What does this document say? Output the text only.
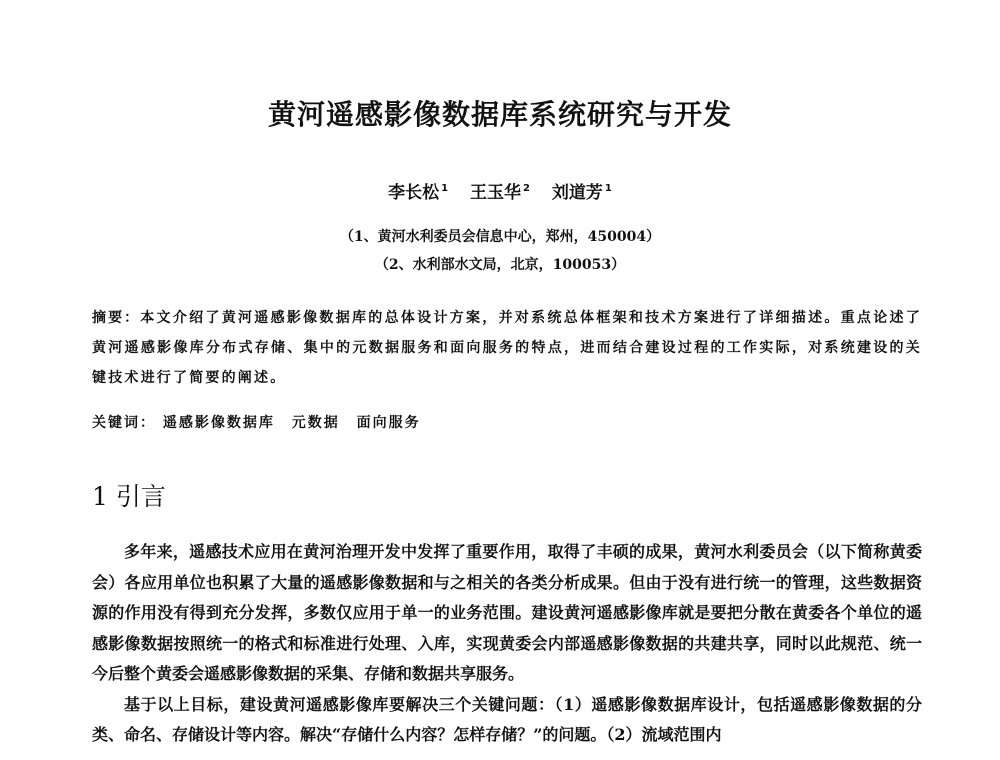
黄河遥感影像数据库系统研究与开发
李长松 $^1$ 王玉华 $^2$ 刘道芳 $^1$
（1、黄河水利委员会信息中心，郑州，450004）
（2、水利部水文局，北京，100053）
摘要：本文介绍了黄河遥感影像数据库的总体设计方案，并对系统总体框架和技术方案进行了详细描述。重点论述了黄河遥感影像库分布式存储、集中的元数据服务和面向服务的特点，进而结合建设过程的工作实际，对系统建设的关键技术进行了简要的阐述。
关键词： 遥感影像数据库 元数据 面向服务
1 引言

多年来，遥感技术应用在黄河治理开发中发挥了重要作用，取得了丰硕的成果，黄河水利委员会（以下简称黄委会）各应用单位也积累了大量的遥感影像数据和与之相关的各类分析成果。但由于没有进行统一的管理，这些数据资源的作用没有得到充分发挥，多数仅应用于单一的业务范围。建设黄河遥感影像库就是要把分散在黄委各个单位的遥感影像数据按照统一的格式和标准进行处理、入库，实现黄委会内部遥感影像数据的共建共享，同时以此规范、统一今后整个黄委会遥感影像数据的采集、存储和数据共享服务。

基于以上目标，建设黄河遥感影像库要解决三个关键问题：（1）遥感影像数据库设计，包括遥感影像数据的分类、命名、存储设计等内容。解决“存储什么内容？怎样存储？”的问题。（2）流域范围内
